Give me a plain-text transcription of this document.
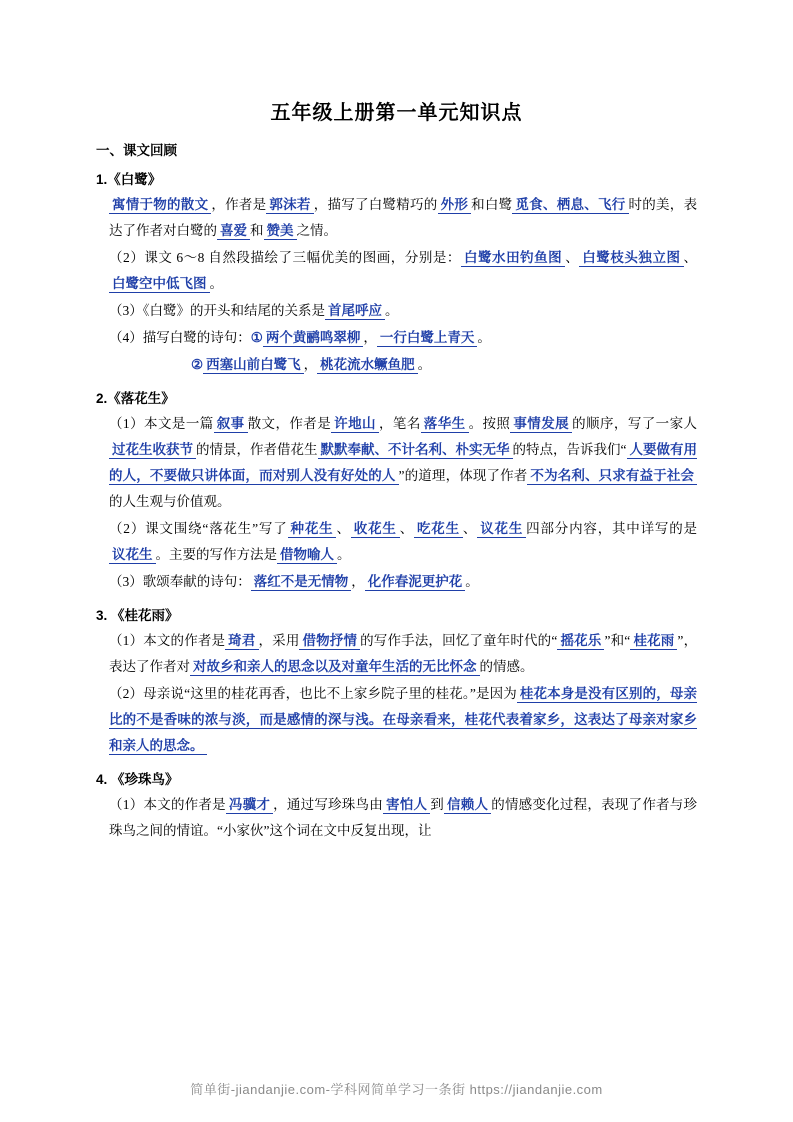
五年级上册第一单元知识点
一、课文回顾
1.《白鹭》
寓情于物的散文 ，作者是 郭沫若 ，描写了白鹭精巧的 外形 和白鹭 觅食、栖息、飞行 时的美，表达了作者对白鹭的 喜爱 和 赞美 之情。
（2）课文 6～8 自然段描绘了三幅优美的图画，分别是： 白鹭水田钓鱼图 、 白鹭枝头独立图 、白鹭空中低飞图 。
（3）《白鹭》的开头和结尾的关系是 首尾呼应 。
（4）描写白鹭的诗句：① 两个黄鹂鸣翠柳 ， 一行白鹭上青天 。
② 西塞山前白鹭飞 ， 桃花流水鳜鱼肥 。
2.《落花生》
（1）本文是一篇 叙事 散文，作者是 许地山 ，笔名 落华生 。按照 事情发展 的顺序，写了一家人过花生收获节 的情景，作者借花生 默默奉献、不计名利、朴实无华 的特点，告诉我们“ 人要做有用的人，不要做只讲体面，而对别人没有好处的人 ”的道理，体现了作者 不为名利、只求有益于社会的人生观与价值观。
（2）课文围绕“落花生”写了 种花生 、 收花生 、 吃花生 、 议花生 四部分内容，其中详写的是议花生 。主要的写作方法是 借物喻人 。
（3）歌颂奉献的诗句： 落红不是无情物 ， 化作春泥更护花 。
3. 《桂花雨》
（1）本文的作者是 琦君 ，采用 借物抒情 的写作手法，回忆了童年时代的“ 摇花乐 ”和“ 桂花雨 ”，表达了作者对 对故乡和亲人的思念以及对童年生活的无比怀念 的情感。
（2）母亲说“这里的桂花再香，也比不上家乡院子里的桂花。”是因为 桂花本身是没有区别的，母亲比的不是香味的浓与淡，而是感情的深与浅。在母亲看来，桂花代表着家乡，这表达了母亲对家乡和亲人的思念。
4. 《珍珠鸟》
（1）本文的作者是 冯骥才 ，通过写珍珠鸟由 害怕人 到 信赖人 的情感变化过程，表现了作者与珍珠鸟之间的情谊。“小家伙”这个词在文中反复出现，让
简单街-jiandanjie.com-学科网简单学习一条街 https://jiandanjie.com
